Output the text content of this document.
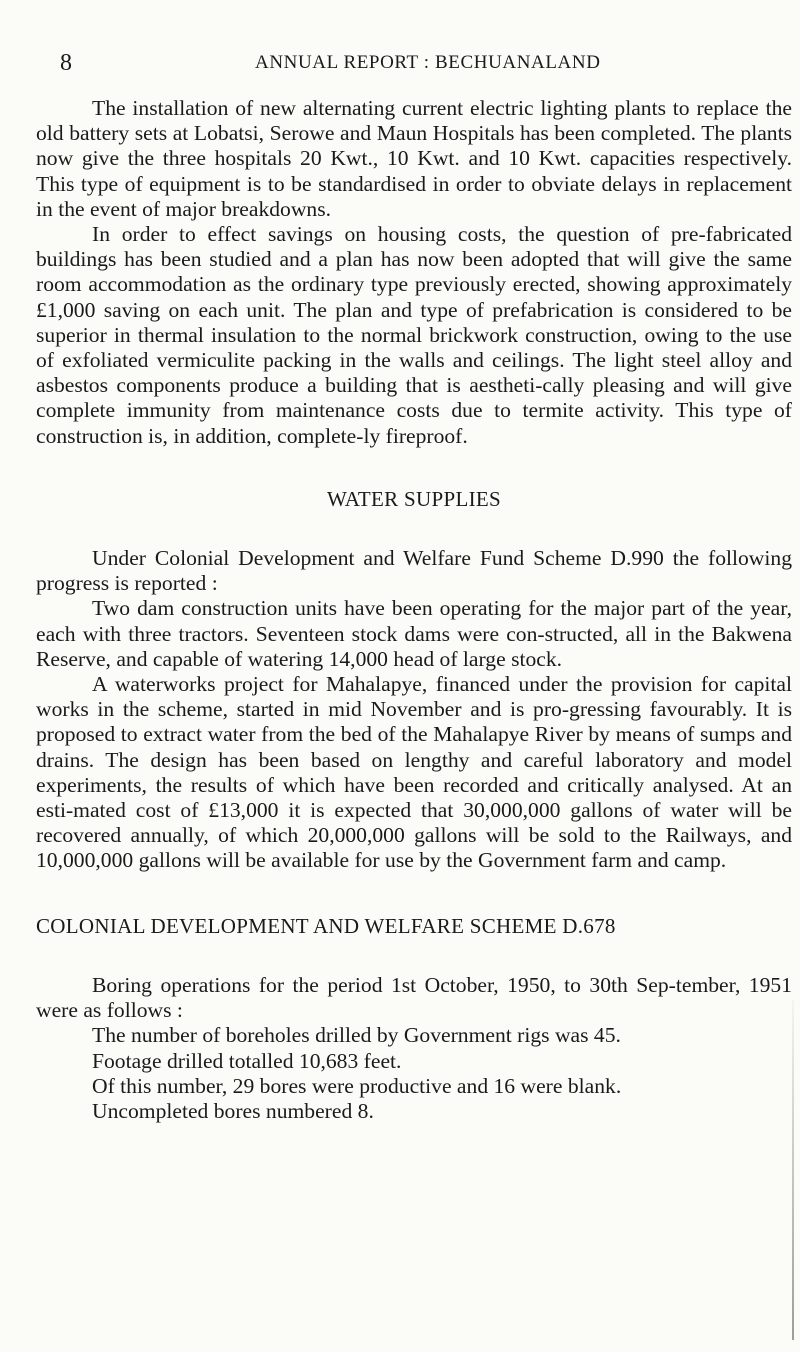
8	ANNUAL REPORT : BECHUANALAND

The installation of new alternating current electric lighting plants to replace the old battery sets at Lobatsi, Serowe and Maun Hospitals has been completed. The plants now give the three hospitals 20 Kwt., 10 Kwt. and 10 Kwt. capacities respectively. This type of equipment is to be standardised in order to obviate delays in replacement in the event of major breakdowns.

In order to effect savings on housing costs, the question of pre-fabricated buildings has been studied and a plan has now been adopted that will give the same room accommodation as the ordinary type previously erected, showing approximately £1,000 saving on each unit. The plan and type of prefabrication is considered to be superior in thermal insulation to the normal brickwork construction, owing to the use of exfoliated vermiculite packing in the walls and ceilings. The light steel alloy and asbestos components produce a building that is aestheti-cally pleasing and will give complete immunity from maintenance costs due to termite activity. This type of construction is, in addition, complete-ly fireproof.

WATER SUPPLIES

Under Colonial Development and Welfare Fund Scheme D.990 the following progress is reported :

Two dam construction units have been operating for the major part of the year, each with three tractors. Seventeen stock dams were con-structed, all in the Bakwena Reserve, and capable of watering 14,000 head of large stock.

A waterworks project for Mahalapye, financed under the provision for capital works in the scheme, started in mid November and is pro-gressing favourably. It is proposed to extract water from the bed of the Mahalapye River by means of sumps and drains. The design has been based on lengthy and careful laboratory and model experiments, the results of which have been recorded and critically analysed. At an esti-mated cost of £13,000 it is expected that 30,000,000 gallons of water will be recovered annually, of which 20,000,000 gallons will be sold to the Railways, and 10,000,000 gallons will be available for use by the Government farm and camp.

COLONIAL DEVELOPMENT AND WELFARE SCHEME D.678

Boring operations for the period 1st October, 1950, to 30th Sep-tember, 1951 were as follows :

The number of boreholes drilled by Government rigs was 45.

Footage drilled totalled 10,683 feet.

Of this number, 29 bores were productive and 16 were blank.

Uncompleted bores numbered 8.
